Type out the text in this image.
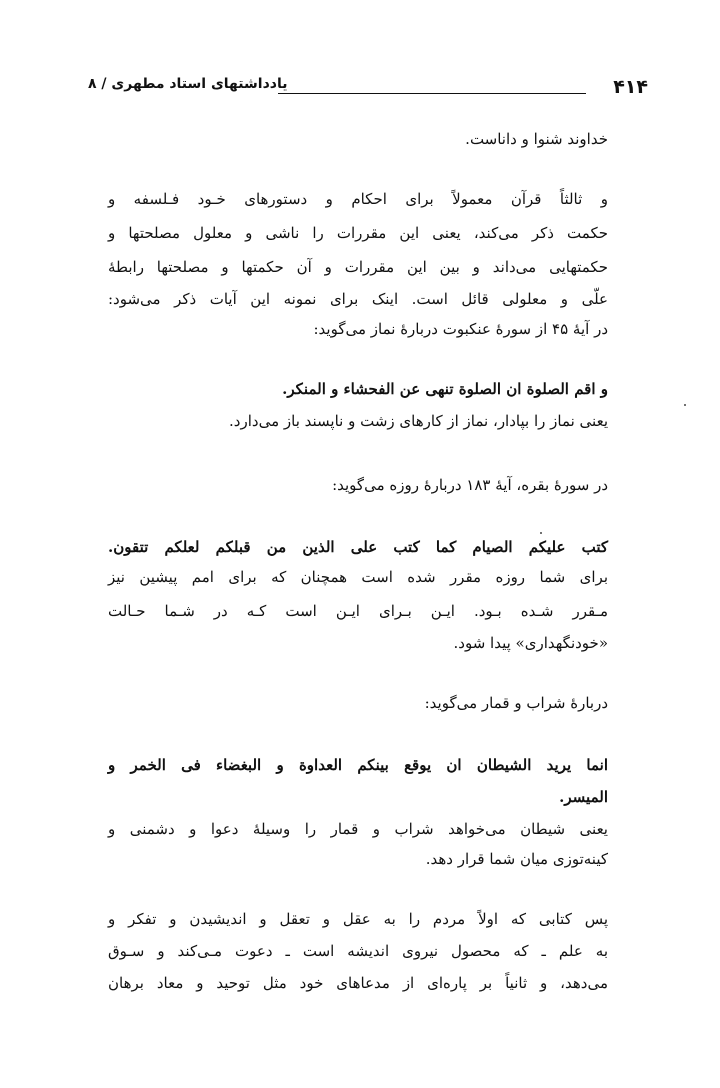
یادداشتهای استاد مطهری / ۸	۴۱۴
خداوند شنوا و داناست.
و ثالثاً قرآن معمولاً برای احکام و دستورهای خـود فـلسفه و
حکمت ذکر می‌کند، یعنی این مقررات را ناشی و معلول مصلحتها و
حکمتهایی می‌داند و بین این مقررات و آن حکمتها و مصلحتها رابطهٔ
علّی و معلولی قائل است. اینک برای نمونه این آیات ذکر می‌شود:
در آیهٔ ۴۵ از سورهٔ عنکبوت دربارهٔ نماز می‌گوید:
و اقم الصلوة ان الصلوة تنهی عن الفحشاء و المنکر.
یعنی نماز را بپادار، نماز از کارهای زشت و ناپسند باز می‌دارد.
در سورهٔ بقره، آیهٔ ۱۸۳ دربارهٔ روزه می‌گوید:
کتب علیکم الصیام کما کتب علی الذین من قبلکم لعلکم تتقون.
برای شما روزه مقرر شده است همچنان که برای امم پیشین نیز
مـقرر شـده بـود. ایـن بـرای ایـن است کـه در شـما حـالت
«خودنگهداری» پیدا شود.
دربارهٔ شراب و قمار می‌گوید:
انما یرید الشیطان ان یوقع بینکم العداوة و البغضاء فی الخمر و
المیسر.
یعنی شیطان می‌خواهد شراب و قمار را وسیلهٔ دعوا و دشمنی و
کینه‌توزی میان شما قرار دهد.
پس کتابی که اولاً مردم را به عقل و تعقل و اندیشیدن و تفکر و
به علم ـ که محصول نیروی اندیشه است ـ دعوت مـی‌کند و سـوق
می‌دهد، و ثانیاً بر پاره‌ای از مدعاهای خود مثل توحید و معاد برهان
